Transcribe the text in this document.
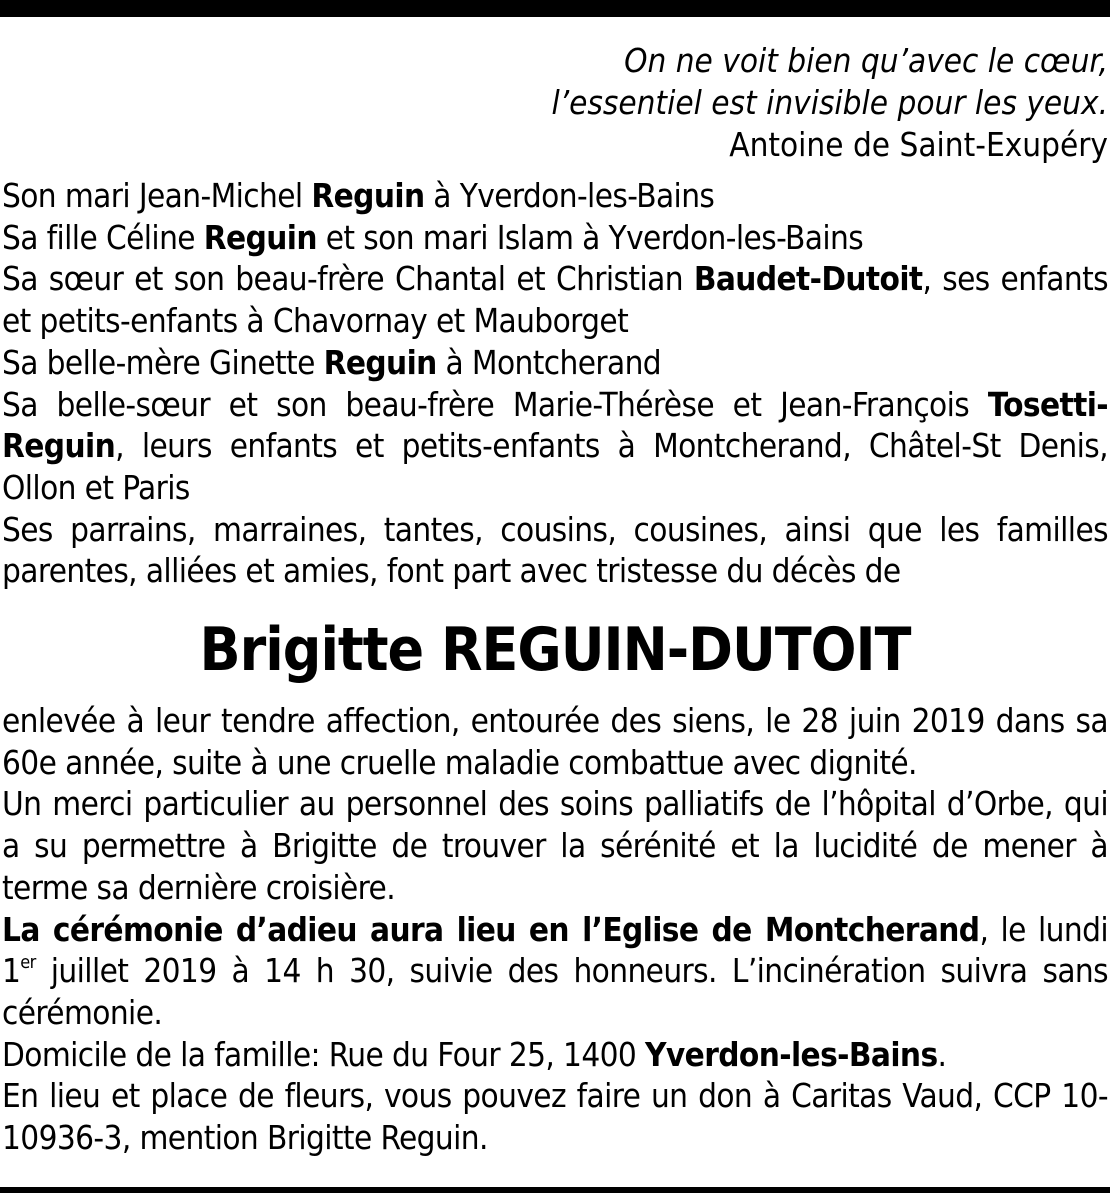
On ne voit bien qu’avec le cœur,
l’essentiel est invisible pour les yeux.
Antoine de Saint-Exupéry

Son mari Jean-Michel Reguin à Yverdon-les-Bains

Sa fille Céline Reguin et son mari Islam à Yverdon-les-Bains

Sa sœur et son beau-frère Chantal et Christian Baudet-Dutoit, ses enfants et petits-enfants à Chavornay et Mauborget

Sa belle-mère Ginette Reguin à Montcherand

Sa belle-sœur et son beau-frère Marie-Thérèse et Jean-François Tosetti-Reguin, leurs enfants et petits-enfants à Montcherand, Châtel-St Denis, Ollon et Paris

Ses parrains, marraines, tantes, cousins, cousines, ainsi que les familles parentes, alliées et amies, font part avec tristesse du décès de

Brigitte REGUIN-DUTOIT

enlevée à leur tendre affection, entourée des siens, le 28 juin 2019 dans sa 60e année, suite à une cruelle maladie combattue avec dignité.

Un merci particulier au personnel des soins palliatifs de l’hôpital d’Orbe, qui a su permettre à Brigitte de trouver la sérénité et la lucidité de mener à terme sa dernière croisière.

La cérémonie d’adieu aura lieu en l’Eglise de Montcherand, le lundi 1er juillet 2019 à 14 h 30, suivie des honneurs. L’incinération suivra sans cérémonie.

Domicile de la famille: Rue du Four 25, 1400 Yverdon-les-Bains.

En lieu et place de fleurs, vous pouvez faire un don à Caritas Vaud, CCP 10-10936-3, mention Brigitte Reguin.
